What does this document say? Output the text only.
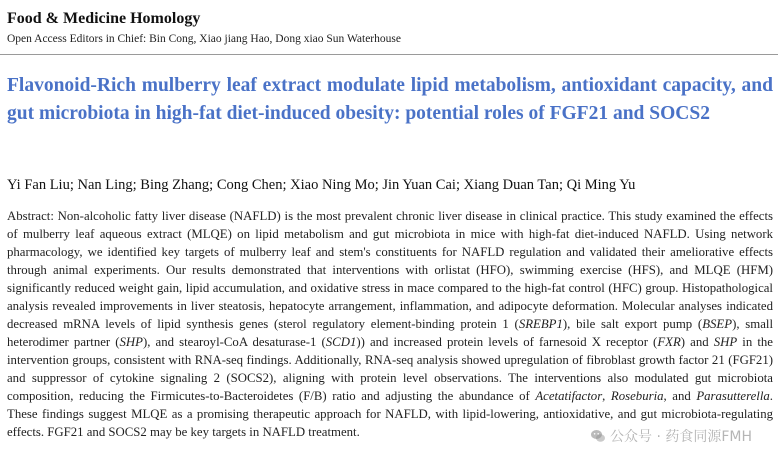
Food & Medicine Homology
Open Access Editors in Chief: Bin Cong, Xiao jiang Hao, Dong xiao Sun Waterhouse
Flavonoid-Rich mulberry leaf extract modulate lipid metabolism, antioxidant capacity, and gut microbiota in high-fat diet-induced obesity: potential roles of FGF21 and SOCS2
Yi Fan Liu; Nan Ling; Bing Zhang; Cong Chen; Xiao Ning Mo; Jin Yuan Cai; Xiang Duan Tan; Qi Ming Yu
Abstract: Non-alcoholic fatty liver disease (NAFLD) is the most prevalent chronic liver disease in clinical practice. This study examined the effects of mulberry leaf aqueous extract (MLQE) on lipid metabolism and gut microbiota in mice with high-fat diet-induced NAFLD. Using network pharmacology, we identified key targets of mulberry leaf and stem's constituents for NAFLD regulation and validated their ameliorative effects through animal experiments. Our results demonstrated that interventions with orlistat (HFO), swimming exercise (HFS), and MLQE (HFM) significantly reduced weight gain, lipid accumulation, and oxidative stress in mace compared to the high-fat control (HFC) group. Histopathological analysis revealed improvements in liver steatosis, hepatocyte arrangement, inflammation, and adipocyte deformation. Molecular analyses indicated decreased mRNA levels of lipid synthesis genes (sterol regulatory element-binding protein 1 (SREBP1), bile salt export pump (BSEP), small heterodimer partner (SHP), and stearoyl-CoA desaturase-1 (SCD1)) and increased protein levels of farnesoid X receptor (FXR) and SHP in the intervention groups, consistent with RNA-seq findings. Additionally, RNA-seq analysis showed upregulation of fibroblast growth factor 21 (FGF21) and suppressor of cytokine signaling 2 (SOCS2), aligning with protein level observations. The interventions also modulated gut microbiota composition, reducing the Firmicutes-to-Bacteroidetes (F/B) ratio and adjusting the abundance of Acetatifactor, Roseburia, and Parasutterella. These findings suggest MLQE as a promising therapeutic approach for NAFLD, with lipid-lowering, antioxidative, and gut microbiota-regulating effects. FGF21 and SOCS2 may be key targets in NAFLD treatment.	公众号 · 药食同源FMH
